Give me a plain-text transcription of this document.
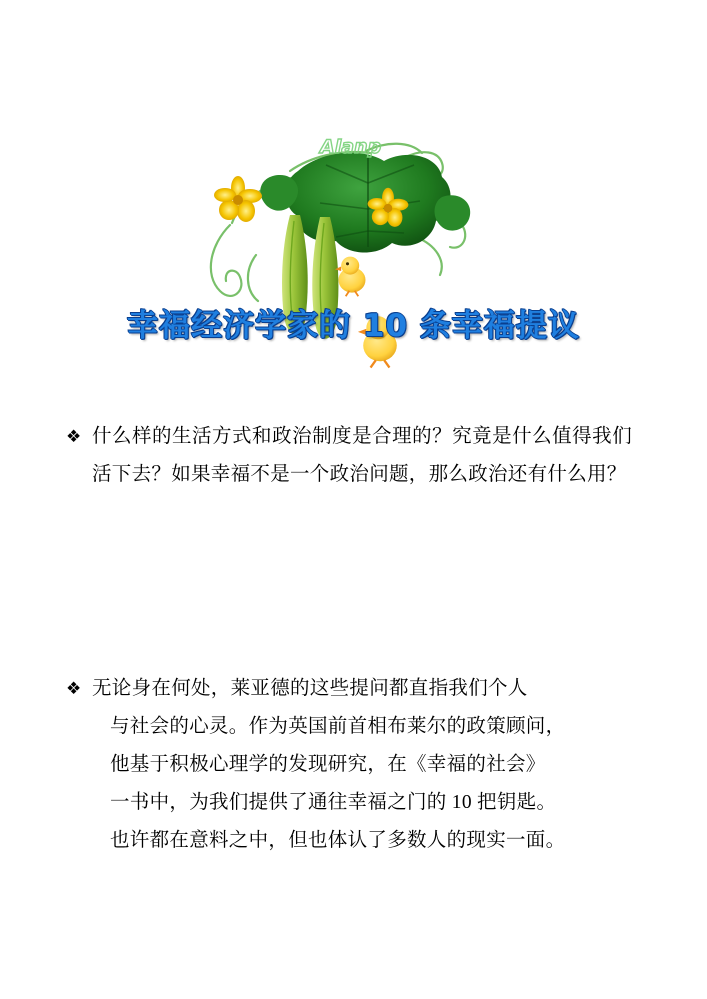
Alanp
幸福经济学家的 10 条幸福提议
❖ 什么样的生活方式和政治制度是合理的？究竟是什么值得我们活下去？如果幸福不是一个政治问题，那么政治还有什么用？
❖ 无论身在何处，莱亚德的这些提问都直指我们个人
与社会的心灵。作为英国前首相布莱尔的政策顾问，
他基于积极心理学的发现研究，在《幸福的社会》
一书中，为我们提供了通往幸福之门的 10 把钥匙。
也许都在意料之中，但也体认了多数人的现实一面。
